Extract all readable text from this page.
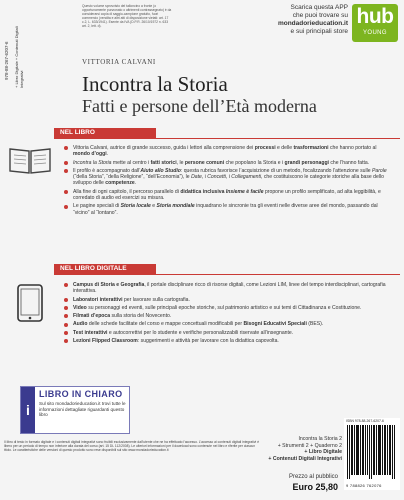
978-88-267-6207-6	+ Libro Digitale + Contenuti Digitali Integrativi
Questo volume sprovvisto del talloncino a fronte (o opportunamente punzonato o altrimenti contrassegnato) è da considerarsi copia di saggio-campione gratuito, fuori commercio (vendita e altri atti di disposizione vietati: art. 17 c.2, L. 633/1941). Esente da IVA (D.P.R. 26/10/1972 n. 633 art. 2, lett. d).
VITTORIA CALVANI
Incontra la Storia
Fatti e persone dell’Età moderna
Scarica questa APP
che puoi trovare su
mondadorieducation.it
e sui principali store
hub
YOUNG
NEL LIBRO
Vittoria Calvani, autrice di grande successo, guida i lettori alla comprensione dei processi e delle trasformazioni che hanno portato al mondo d’oggi.
Incontra la Storia mette al centro i fatti storici, le persone comuni che popolano la Storia e i grandi personaggi che l’hanno fatta.
Il profilo è accompagnato dall’Aiuto allo Studio: questa rubrica favorisce l’acquisizione di un metodo, focalizzando l’attenzione sulle Parole (“della Storia”, “della Religione”, “dell’Economia”), le Date, i Concetti, i Collegamenti, che costituiscono le categorie storiche alla base dello sviluppo delle competenze.
Alla fine di ogni capitolo, il percorso parallelo di didattica inclusiva Insieme è facile propone un profilo semplificato, ad alta leggibilità, e corredato di audio ed esercizi su misura.
Le pagine speciali di Storia locale e Storia mondiale inquadrano le sincronie tra gli eventi nelle diverse aree del mondo, passando dal “vicino” al “lontano”.
NEL LIBRO DIGITALE
Campus di Storia e Geografia, il portale disciplinare ricco di risorse digitali, come Lezioni LIM, linee del tempo interdisciplinari, cartografia interattiva.
Laboratori interattivi per lavorare sulla cartografia.
Video su personaggi ed eventi, sulle principali epoche storiche, sul patrimonio artistico e sui temi di Cittadinanza e Costituzione.
Filmati d’epoca sulla storia del Novecento.
Audio delle schede facilitate del corso e mappe concettuali modificabili per Bisogni Educativi Speciali (BES).
Test interattivi e autocorrettivi per lo studente e verifiche personalizzabili riservate all’insegnante.
Lezioni Flipped Classroom: suggerimenti e attività per lavorare con la didattica capovolta.
i
LIBRO IN CHIARO
Sul sito mondadorieducation.it trovi tutte le informazioni dettagliate riguardanti questo libro
Il libro di testo in formato digitale e i contenuti digitali integrativi sono fruibili esclusivamente dall’utente che ne ha effettuato l’accesso. L’accesso ai contenuti digitali integrativi è libero per un periodo di tempo non inferiore alla durata del corso (art. 15 DL 112/2008). Le ulteriori informazioni per il download sono contenute nel libro e riferite per ciascun titolo. Le caratteristiche delle versioni di questo prodotto sono rese disponibili sul sito www.mondadorieducation.it
Incontra la Storia 2
+ Strumenti 2 + Quaderno 2
+ Libro Digitale
+ Contenuti Digitali Integrativi
Prezzo al pubblico
Euro 25,80
ISBN 978-88-267-6207-6
9 788826 762076
